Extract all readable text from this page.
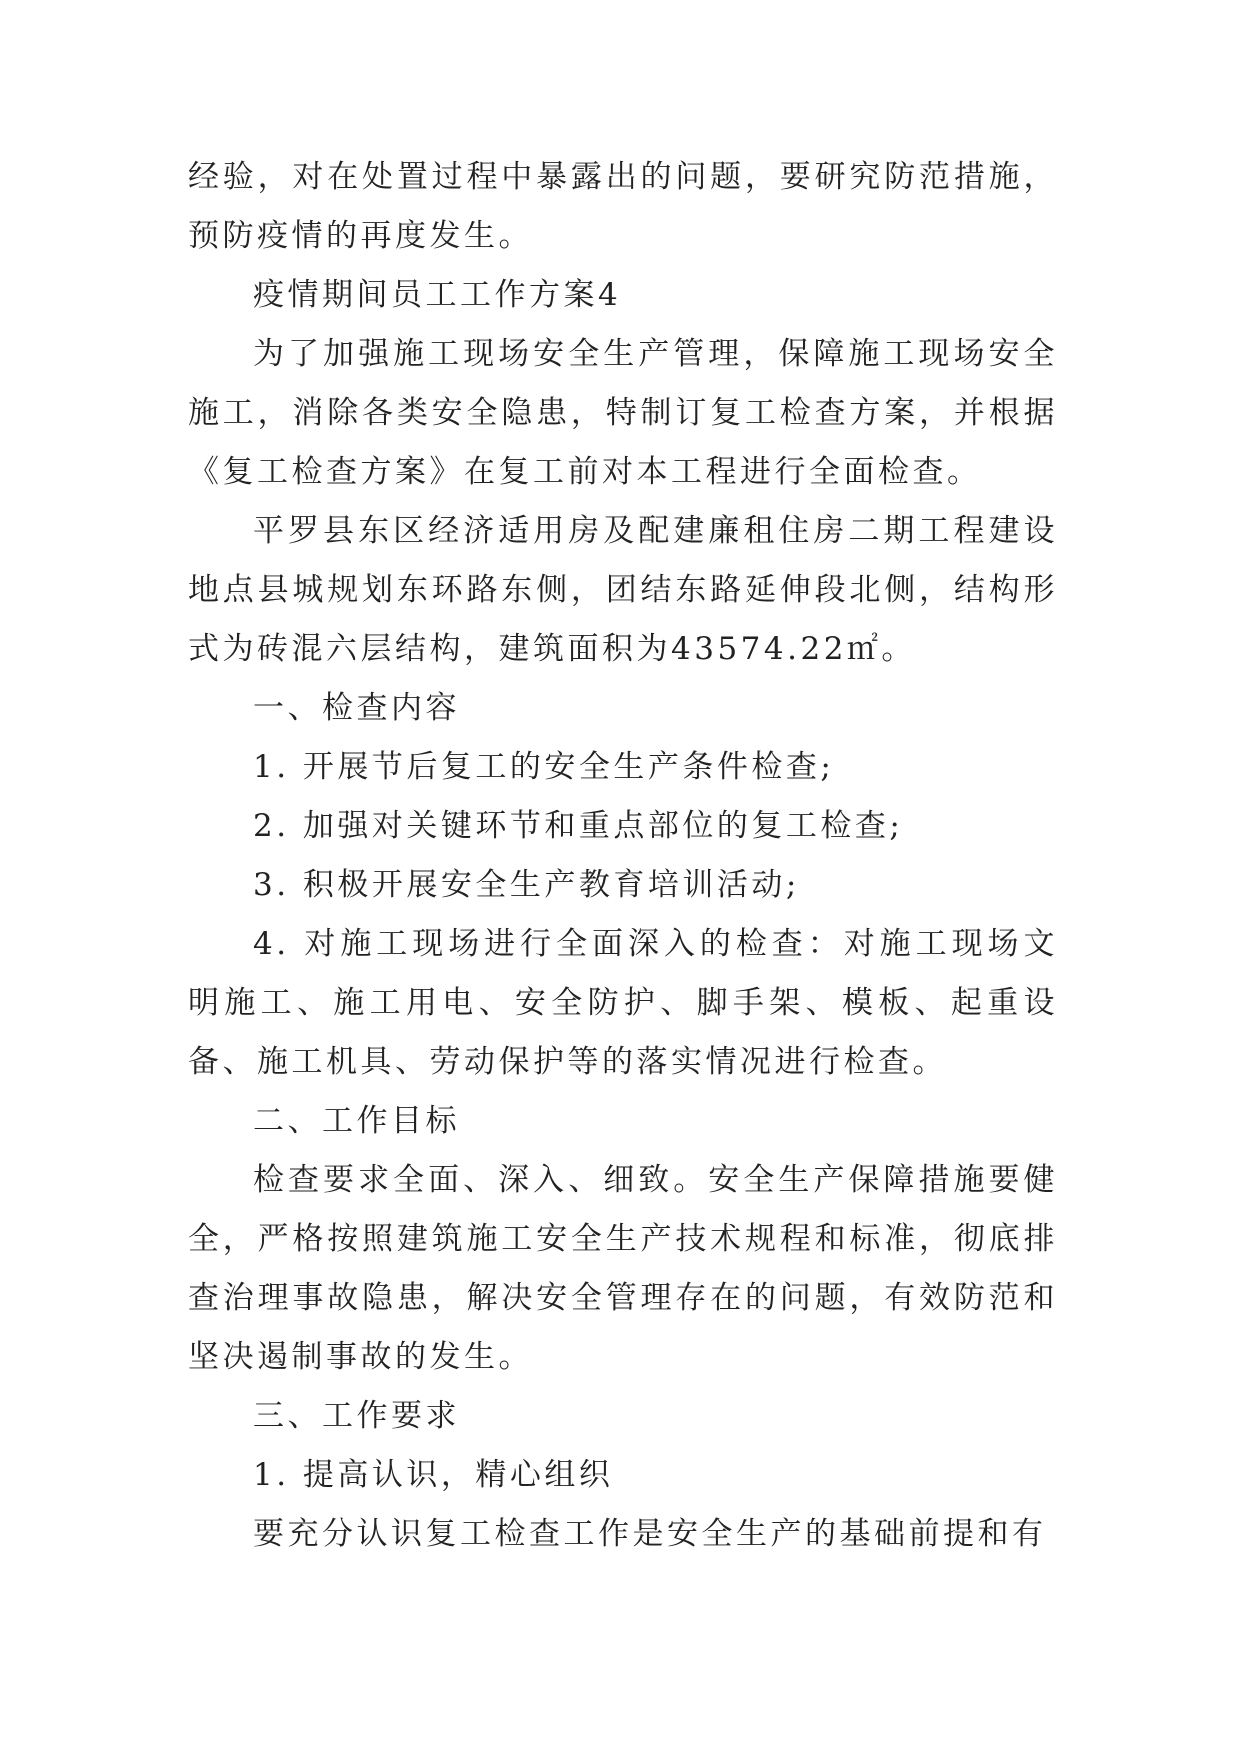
经验，对在处置过程中暴露出的问题，要研究防范措施，预防疫情的再度发生。

疫情期间员工工作方案4

为了加强施工现场安全生产管理，保障施工现场安全施工，消除各类安全隐患，特制订复工检查方案，并根据《复工检查方案》在复工前对本工程进行全面检查。

平罗县东区经济适用房及配建廉租住房二期工程建设地点县城规划东环路东侧，团结东路延伸段北侧，结构形式为砖混六层结构，建筑面积为43574.22㎡。

一、检查内容

1. 开展节后复工的安全生产条件检查;

2. 加强对关键环节和重点部位的复工检查;

3. 积极开展安全生产教育培训活动;

4. 对施工现场进行全面深入的检查：对施工现场文明施工、施工用电、安全防护、脚手架、模板、起重设备、施工机具、劳动保护等的落实情况进行检查。

二、工作目标

检查要求全面、深入、细致。安全生产保障措施要健全，严格按照建筑施工安全生产技术规程和标准，彻底排查治理事故隐患，解决安全管理存在的问题，有效防范和坚决遏制事故的发生。

三、工作要求

1. 提高认识，精心组织

要充分认识复工检查工作是安全生产的基础前提和有
